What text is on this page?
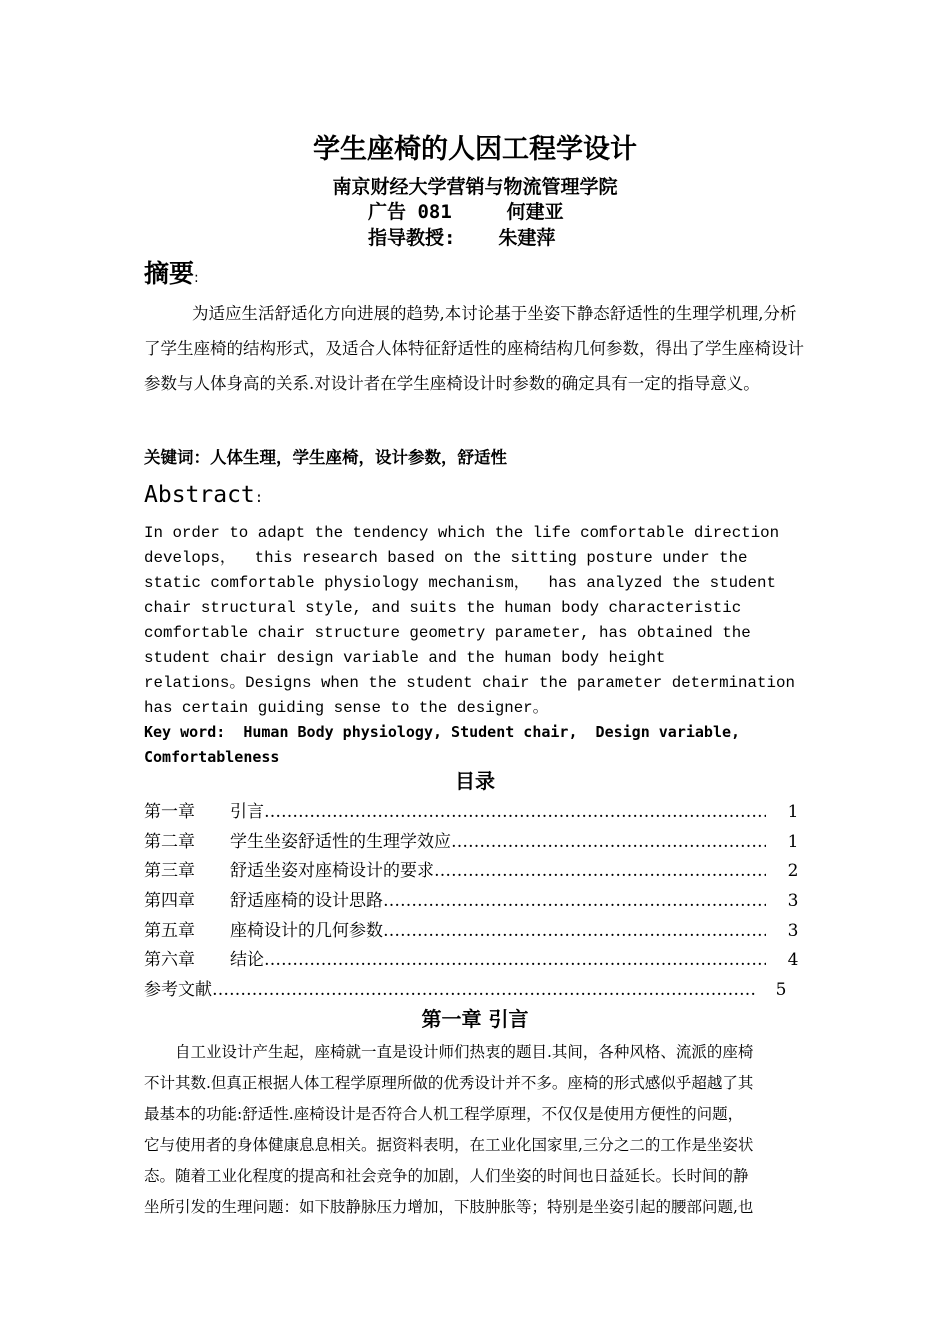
学生座椅的人因工程学设计
南京财经大学营销与物流管理学院
广告 081	何建亚
指导教授: 朱建萍
摘要:

为适应生活舒适化方向进展的趋势,本讨论基于坐姿下静态舒适性的生理学机理,分析了学生座椅的结构形式，及适合人体特征舒适性的座椅结构几何参数，得出了学生座椅设计参数与人体身高的关系.对设计者在学生座椅设计时参数的确定具有一定的指导意义。

关键词：人体生理，学生座椅，设计参数，舒适性
Abstract:
In order to adapt the tendency which the life comfortable direction
develops，  this research based on the sitting posture under the
static comfortable physiology mechanism，  has analyzed the student
chair structural style, and suits the human body characteristic
comfortable chair structure geometry parameter, has obtained the
student chair design variable and the human body height
relations。Designs when the student chair the parameter determination
has certain guiding sense to the designer。
Key word:  Human Body physiology, Student chair,  Design variable,
Comfortableness
目录
第一章 引言 ………………………………………………………………………………………………………………………………………	1
第二章 学生坐姿舒适性的生理学效应 ………………………………………………………………………………………………………………………………………	1
第三章 舒适坐姿对座椅设计的要求 ………………………………………………………………………………………………………………………………………	2
第四章 舒适座椅的设计思路 ………………………………………………………………………………………………………………………………………	3
第五章 座椅设计的几何参数 ………………………………………………………………………………………………………………………………………	3
第六章 结论 ………………………………………………………………………………………………………………………………………	4
参考文献 ………………………………………………………………………………………………………………………………………	5
第一章 引言
　　自工业设计产生起，座椅就一直是设计师们热衷的题目.其间，各种风格、流派的座椅
不计其数.但真正根据人体工程学原理所做的优秀设计并不多。座椅的形式感似乎超越了其
最基本的功能:舒适性.座椅设计是否符合人机工程学原理，不仅仅是使用方便性的问题，
它与使用者的身体健康息息相关。据资料表明，在工业化国家里,三分之二的工作是坐姿状
态。随着工业化程度的提高和社会竞争的加剧，人们坐姿的时间也日益延长。长时间的静
坐所引发的生理问题：如下肢静脉压力增加，下肢肿胀等；特别是坐姿引起的腰部问题,也
